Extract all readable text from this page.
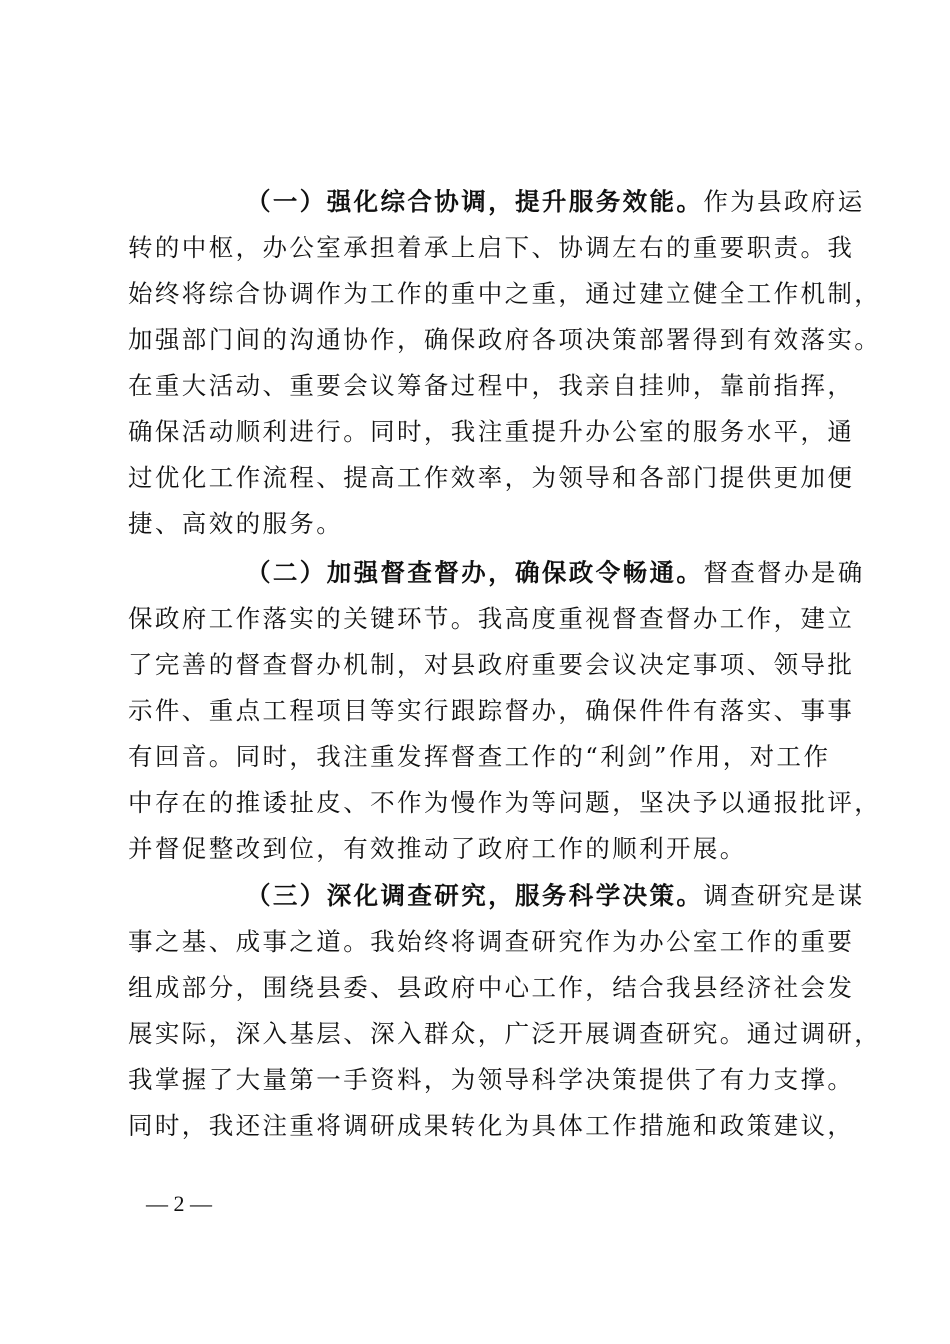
（一）强化综合协调，提升服务效能。作为县政府运
转的中枢，办公室承担着承上启下、协调左右的重要职责。我
始终将综合协调作为工作的重中之重，通过建立健全工作机制，
加强部门间的沟通协作，确保政府各项决策部署得到有效落实。
在重大活动、重要会议筹备过程中，我亲自挂帅，靠前指挥，
确保活动顺利进行。同时，我注重提升办公室的服务水平，通
过优化工作流程、提高工作效率，为领导和各部门提供更加便
捷、高效的服务。
（二）加强督查督办，确保政令畅通。督查督办是确
保政府工作落实的关键环节。我高度重视督查督办工作，建立
了完善的督查督办机制，对县政府重要会议决定事项、领导批
示件、重点工程项目等实行跟踪督办，确保件件有落实、事事
有回音。同时，我注重发挥督查工作的“利剑”作用，对工作
中存在的推诿扯皮、不作为慢作为等问题，坚决予以通报批评，
并督促整改到位，有效推动了政府工作的顺利开展。
（三）深化调查研究，服务科学决策。调查研究是谋
事之基、成事之道。我始终将调查研究作为办公室工作的重要
组成部分，围绕县委、县政府中心工作，结合我县经济社会发
展实际，深入基层、深入群众，广泛开展调查研究。通过调研，
我掌握了大量第一手资料，为领导科学决策提供了有力支撑。
同时，我还注重将调研成果转化为具体工作措施和政策建议，
— 2 —
